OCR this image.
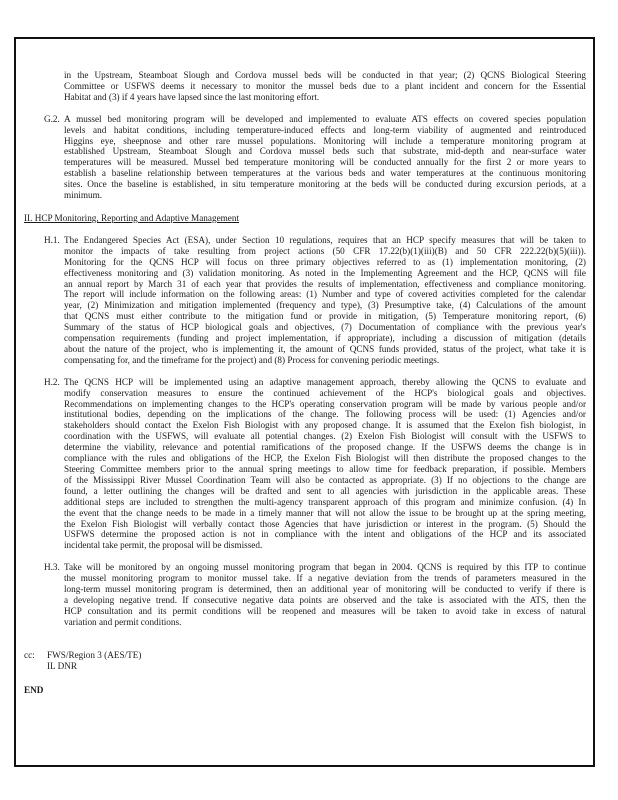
in the Upstream, Steamboat Slough and Cordova mussel beds will be conducted in that year; (2) QCNS Biological Steering
Committee or USFWS deems it necessary to monitor the mussel beds due to a plant incident and concern for the Essential
Habitat and (3) if 4 years have lapsed since the last monitoring effort.
G.2. A mussel bed monitoring program will be developed and implemented to evaluate ATS effects on covered species population
levels and habitat conditions, including temperature-induced effects and long-term viability of augmented and reintroduced
Higgins eye, sheepnose and other rare mussel populations. Monitoring will include a temperature monitoring program at
established Upstream, Steamboat Slough and Cordova mussel beds such that substrate, mid-depth and near-surface water
temperatures will be measured. Mussel bed temperature monitoring will be conducted annually for the first 2 or more years to
establish a baseline relationship between temperatures at the various beds and water temperatures at the continuous monitoring
sites. Once the baseline is established, in situ temperature monitoring at the beds will be conducted during excursion periods, at a
minimum.
II. HCP Monitoring, Reporting and Adaptive Management
H.1. The Endangered Species Act (ESA), under Section 10 regulations, requires that an HCP specify measures that will be taken to
monitor the impacts of take resulting from project actions (50 CFR 17.22(b)(1)(iii)(B) and 50 CFR 222.22(b)(5)(iii)).
Monitoring for the QCNS HCP will focus on three primary objectives referred to as (1) implementation monitoring, (2)
effectiveness monitoring and (3) validation monitoring. As noted in the Implementing Agreement and the HCP, QCNS will file
an annual report by March 31 of each year that provides the results of implementation, effectiveness and compliance monitoring.
The report will include information on the following areas: (1) Number and type of covered activities completed for the calendar
year, (2) Minimization and mitigation implemented (frequency and type), (3) Presumptive take, (4) Calculations of the amount
that QCNS must either contribute to the mitigation fund or provide in mitigation, (5) Temperature monitoring report, (6)
Summary of the status of HCP biological goals and objectives, (7) Documentation of compliance with the previous year's
compensation requirements (funding and project implementation, if appropriate), including a discussion of mitigation (details
about the nature of the project, who is implementing it, the amount of QCNS funds provided, status of the project, what take it is
compensating for, and the timeframe for the project) and (8) Process for convening periodic meetings.
H.2. The QCNS HCP will be implemented using an adaptive management approach, thereby allowing the QCNS to evaluate and
modify conservation measures to ensure the continued achievement of the HCP's biological goals and objectives.
Recommendations on implementing changes to the HCP's operating conservation program will be made by various people and/or
institutional bodies, depending on the implications of the change. The following process will be used: (1) Agencies and/or
stakeholders should contact the Exelon Fish Biologist with any proposed change. It is assumed that the Exelon fish biologist, in
coordination with the USFWS, will evaluate all potential changes. (2) Exelon Fish Biologist will consult with the USFWS to
determine the viability, relevance and potential ramifications of the proposed change. If the USFWS deems the change is in
compliance with the rules and obligations of the HCP, the Exelon Fish Biologist will then distribute the proposed changes to the
Steering Committee members prior to the annual spring meetings to allow time for feedback preparation, if possible. Members
of the Mississippi River Mussel Coordination Team will also be contacted as appropriate. (3) If no objections to the change are
found, a letter outlining the changes will be drafted and sent to all agencies with jurisdiction in the applicable areas. These
additional steps are included to strengthen the multi-agency transparent approach of this program and minimize confusion. (4) In
the event that the change needs to be made in a timely manner that will not allow the issue to be brought up at the spring meeting,
the Exelon Fish Biologist will verbally contact those Agencies that have jurisdiction or interest in the program. (5) Should the
USFWS determine the proposed action is not in compliance with the intent and obligations of the HCP and its associated
incidental take permit, the proposal will be dismissed.
H.3. Take will be monitored by an ongoing mussel monitoring program that began in 2004. QCNS is required by this ITP to continue
the mussel monitoring program to monitor mussel take. If a negative deviation from the trends of parameters measured in the
long-term mussel monitoring program is determined, then an additional year of monitoring will be conducted to verify if there is
a developing negative trend. If consecutive negative data points are observed and the take is associated with the ATS, then the
HCP consultation and its permit conditions will be reopened and measures will be taken to avoid take in excess of natural
variation and permit conditions.
cc: FWS/Region 3 (AES/TE)
IL DNR
END
